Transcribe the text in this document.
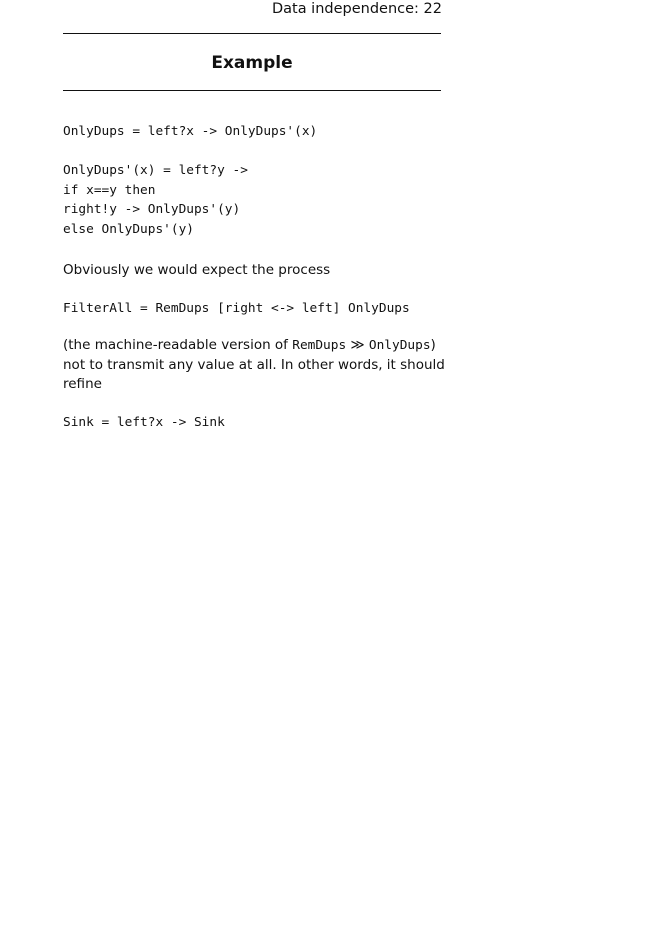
Data independence: 22
Example
OnlyDups = left?x -> OnlyDups'(x)
OnlyDups'(x) = left?y ->
if x==y then
right!y -> OnlyDups'(y)
else OnlyDups'(y)
Obviously we would expect the process
FilterAll = RemDups [right <-> left] OnlyDups
(the machine-readable version of RemDups ≫ OnlyDups)
not to transmit any value at all. In other words, it should
refine
Sink = left?x -> Sink
